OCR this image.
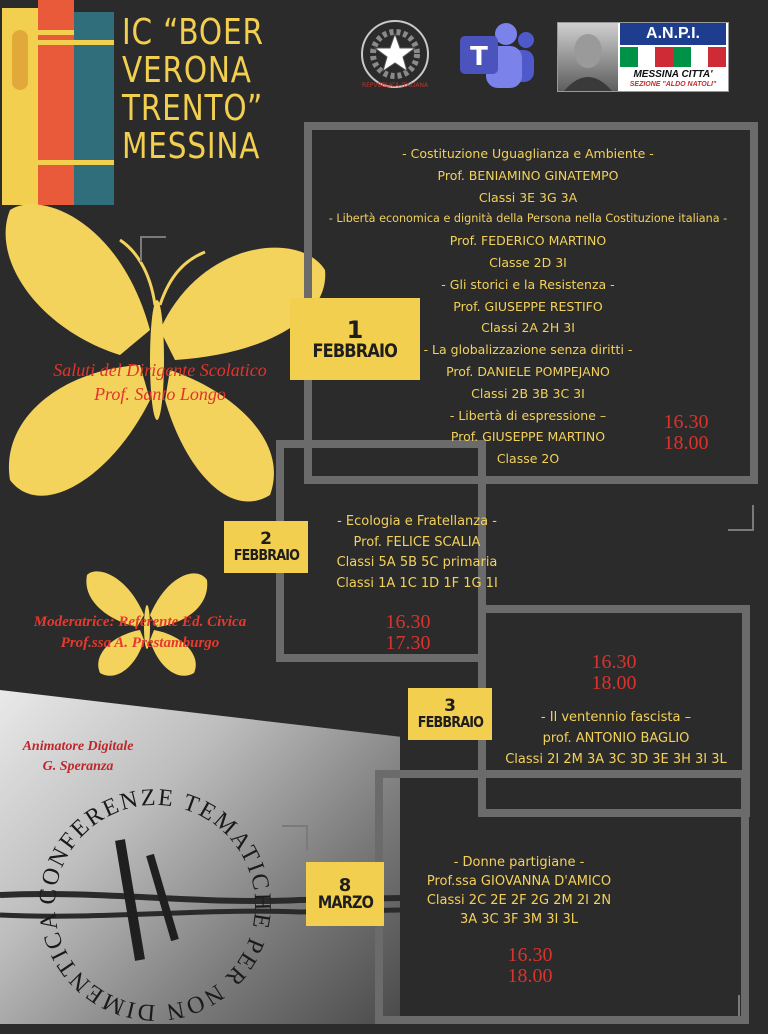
IC “BOER
VERONA
TRENTO”
MESSINA
REPVBBLICA ITALIANA
T
A.N.P.I.
MESSINA CITTA'
SEZIONE "ALDO NATOLI"
CONFERENZE TEMATICHE PER NON DIMENTICA
Saluti del Dirigente Scolatico
Prof. Santo Longo
Moderatrice: Referente Ed. Civica
Prof.ssa A. Prestamburgo
Animatore Digitale
G. Speranza
1
FEBBRAIO
- Costituzione Uguaglianza e Ambiente -
Prof. BENIAMINO GINATEMPO
Classi 3E 3G 3A
- Libertà economica e dignità della Persona nella Costituzione italiana -
Prof. FEDERICO MARTINO
Classe 2D 3I
- Gli storici e la Resistenza -
Prof. GIUSEPPE RESTIFO
Classi 2A 2H 3I
- La globalizzazione senza diritti -
Prof. DANIELE POMPEJANO
Classi 2B 3B 3C 3I
- Libertà di espressione –
Prof. GIUSEPPE MARTINO
Classe 2O
16.30
18.00
2
FEBBRAIO
- Ecologia e Fratellanza -
Prof. FELICE SCALIA
Classi 5A 5B 5C primaria
Classi 1A 1C 1D 1F 1G 1I
16.30
17.30
16.30
18.00
3
FEBBRAIO	- Il ventennio fascista –
prof. ANTONIO BAGLIO
Classi 2I 2M 3A 3C 3D 3E 3H 3I 3L
8
MARZO
- Donne partigiane -
Prof.ssa GIOVANNA D'AMICO
Classi 2C 2E 2F 2G 2M 2I 2N
3A 3C 3F 3M 3I 3L
16.30
18.00
